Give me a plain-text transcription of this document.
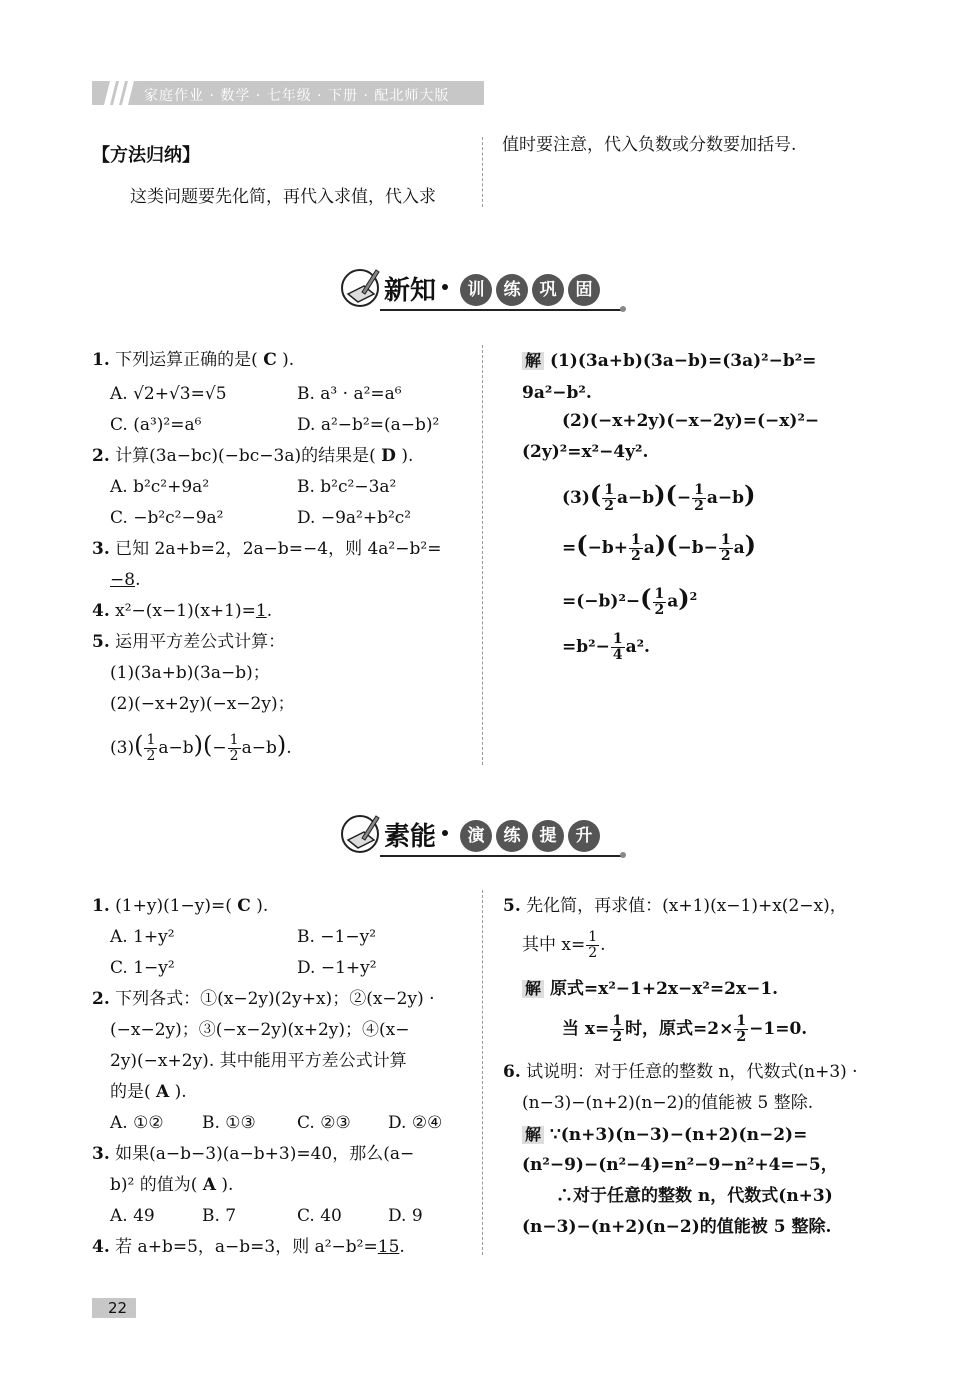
家庭作业 · 数学 · 七年级 · 下册 · 配北师大版
【方法归纳】
这类问题要先化简，再代入求值，代入求
值时要注意，代入负数或分数要加括号.
新知	训	练	巩	固
1. 下列运算正确的是( C ).
A. √2+√3=√5	B. a³ · a²=a⁶
C. (a³)²=a⁶	D. a²−b²=(a−b)²
2. 计算(3a−bc)(−bc−3a)的结果是( D ).
A. b²c²+9a²	B. b²c²−3a²
C. −b²c²−9a²	D. −9a²+b²c²
3. 已知 2a+b=2，2a−b=−4，则 4a²−b²=
−8.
4. x²−(x−1)(x+1)=1.
5. 运用平方差公式计算：
(1)(3a+b)(3a−b)；
(2)(−x+2y)(−x−2y)；
$(3)( \frac{1}{2} a-b)(- \frac{1}{2} a-b)$.
解 (1)(3a+b)(3a−b)=(3a)²−b²=
9a²−b².
(2)(−x+2y)(−x−2y)=(−x)²−
(2y)²=x²−4y².
$(3)( \frac{1}{2} a-b)(- \frac{1}{2} a-b)$
$=(-b+ \frac{1}{2} a)(-b- \frac{1}{2} a)$
$=(-b)^2-( \frac{1}{2} a)^2$
$=b^2- \frac{1}{4} a^2$.
素能	演	练	提	升
1. (1+y)(1−y)=( C ).
A. 1+y²	B. −1−y²
C. 1−y²	D. −1+y²
2. 下列各式：①(x−2y)(2y+x)；②(x−2y) ·
(−x−2y)；③(−x−2y)(x+2y)；④(x−
2y)(−x+2y). 其中能用平方差公式计算
的是( A ).
A. ①② B. ①③ C. ②③ D. ②④
3. 如果(a−b−3)(a−b+3)=40，那么(a−
b)² 的值为( A ).
A. 49	B. 7	C. 40	D. 9
4. 若 a+b=5，a−b=3，则 a²−b²=15.
5. 先化简，再求值：(x+1)(x−1)+x(2−x)，
其中 $x= \frac{1}{2}$ .
解 原式=x²−1+2x−x²=2x−1.
当 $x= \frac{1}{2}$ 时，原式$=2\times \frac{1}{2} -1=0$.
6. 试说明：对于任意的整数 n，代数式(n+3) ·
(n−3)−(n+2)(n−2)的值能被 5 整除.
解 ∵(n+3)(n−3)−(n+2)(n−2)=
(n²−9)−(n²−4)=n²−9−n²+4=−5，
∴对于任意的整数 n，代数式(n+3)
(n−3)−(n+2)(n−2)的值能被 5 整除.
22
